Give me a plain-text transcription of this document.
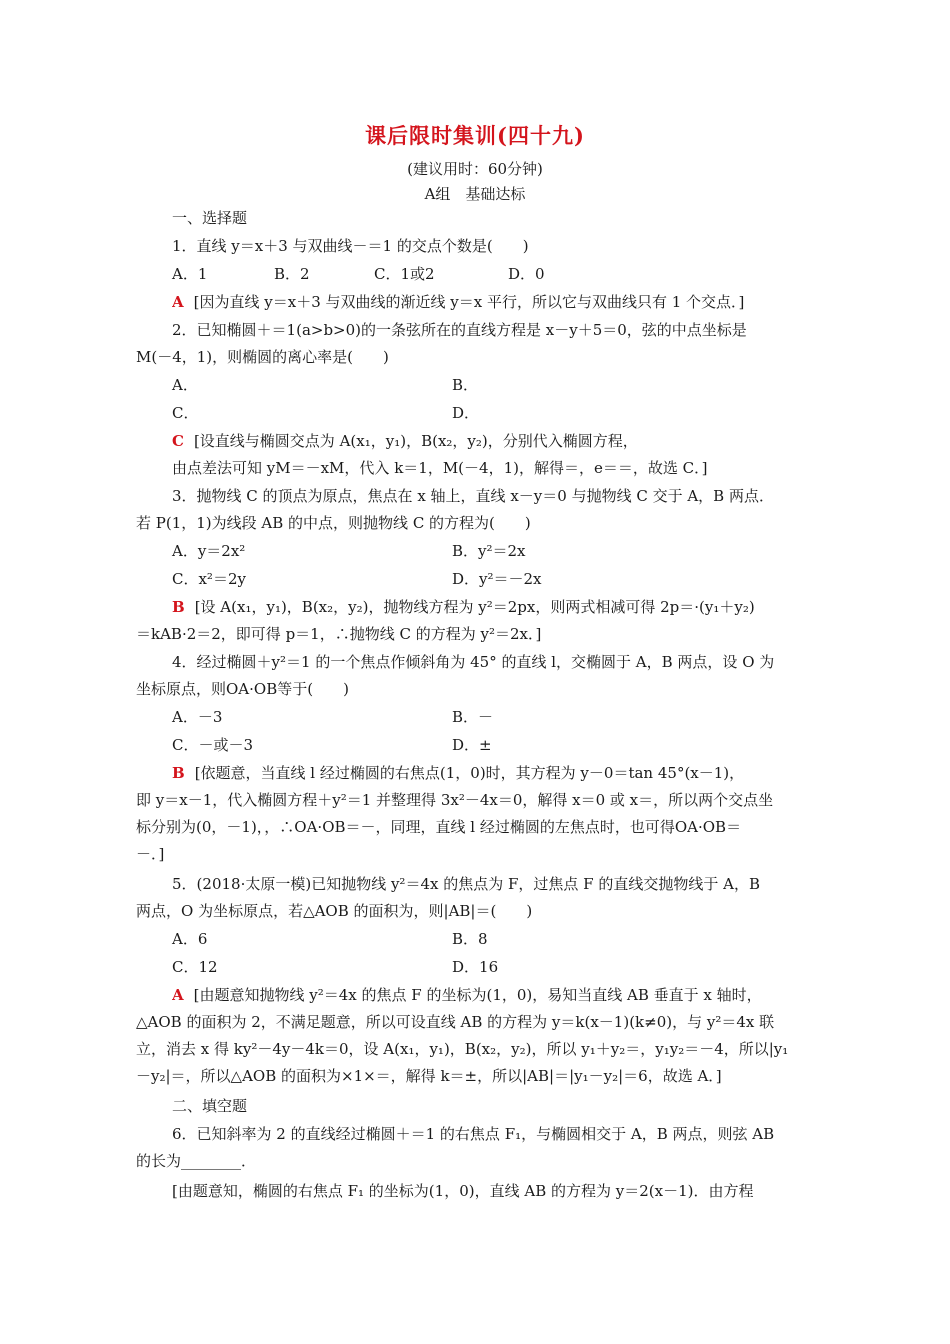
课后限时集训(四十九)
(建议用时：60分钟)
A组　基础达标
一、选择题
1．直线 y＝x＋3 与双曲线－＝1 的交点个数是(　　)
A．1	B．2	C．1或2	D．0
A [因为直线 y＝x＋3 与双曲线的渐近线 y＝x 平行，所以它与双曲线只有 1 个交点．]
2．已知椭圆＋＝1(a>b>0)的一条弦所在的直线方程是 x－y＋5＝0，弦的中点坐标是
M(－4，1)，则椭圆的离心率是(　　)
A．	B．
C．	D．
C [设直线与椭圆交点为 A(x₁，y₁)，B(x₂，y₂)，分别代入椭圆方程，
由点差法可知 yM＝－xM，代入 k＝1，M(－4，1)，解得＝，e＝＝，故选 C．]
3．抛物线 C 的顶点为原点，焦点在 x 轴上，直线 x－y＝0 与抛物线 C 交于 A，B 两点．
若 P(1，1)为线段 AB 的中点，则抛物线 C 的方程为(　　)
A．y＝2x²	B．y²＝2x
C．x²＝2y	D．y²＝－2x
B [设 A(x₁，y₁)，B(x₂，y₂)，抛物线方程为 y²＝2px，则两式相减可得 2p＝·(y₁＋y₂)
＝kAB·2＝2，即可得 p＝1，∴抛物线 C 的方程为 y²＝2x．]
4．经过椭圆＋y²＝1 的一个焦点作倾斜角为 45° 的直线 l，交椭圆于 A，B 两点，设 O 为
坐标原点，则OA·OB等于(　　)
A．－3	B．－
C．－或－3	D．±
B [依题意，当直线 l 经过椭圆的右焦点(1，0)时，其方程为 y－0＝tan 45°(x－1)，
即 y＝x－1，代入椭圆方程＋y²＝1 并整理得 3x²－4x＝0，解得 x＝0 或 x＝，所以两个交点坐
标分别为(0，－1)，，∴OA·OB＝－，同理，直线 l 经过椭圆的左焦点时，也可得OA·OB＝
－．]
5．(2018·太原一模)已知抛物线 y²＝4x 的焦点为 F，过焦点 F 的直线交抛物线于 A，B
两点，O 为坐标原点，若△AOB 的面积为，则|AB|＝(　　)
A．6	B．8
C．12	D．16
A [由题意知抛物线 y²＝4x 的焦点 F 的坐标为(1，0)，易知当直线 AB 垂直于 x 轴时，
△AOB 的面积为 2，不满足题意，所以可设直线 AB 的方程为 y＝k(x－1)(k≠0)，与 y²＝4x 联
立，消去 x 得 ky²－4y－4k＝0，设 A(x₁，y₁)，B(x₂，y₂)，所以 y₁＋y₂＝，y₁y₂＝－4，所以|y₁
－y₂|＝，所以△AOB 的面积为×1×＝，解得 k＝±，所以|AB|＝|y₁－y₂|＝6，故选 A．]
二、填空题
6．已知斜率为 2 的直线经过椭圆＋＝1 的右焦点 F₁，与椭圆相交于 A，B 两点，则弦 AB
的长为________．
[由题意知，椭圆的右焦点 F₁ 的坐标为(1，0)，直线 AB 的方程为 y＝2(x－1)．由方程
